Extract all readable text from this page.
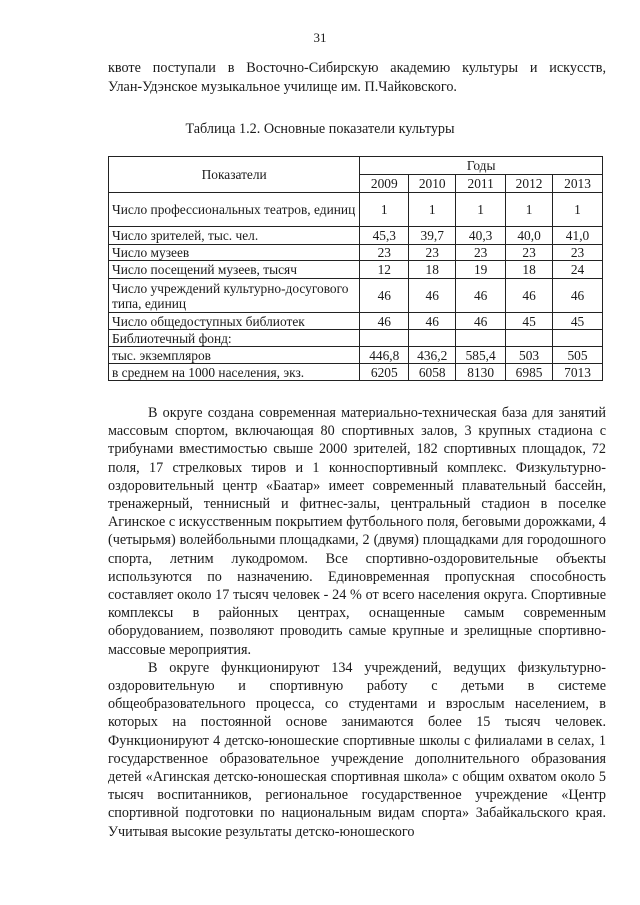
31
квоте поступали в Восточно-Сибирскую академию культуры и искусств,
Улан-Удэнское музыкальное училище им. П.Чайковского.
Таблица 1.2. Основные показатели культуры
Показатели	Годы				
	2009	2010	2011	2012	2013
Число профессиональных театров, единиц	1	1	1	1	1
Число зрителей, тыс. чел.	45,3	39,7	40,3	40,0	41,0
Число музеев	23	23	23	23	23
Число посещений музеев, тысяч	12	18	19	18	24
Число учреждений культурно-досугового типа, единиц	46	46	46	46	46
Число общедоступных библиотек	46	46	46	45	45
Библиотечный фонд:					
тыс. экземпляров	446,8	436,2	585,4	503	505
в среднем на 1000 населения, экз.	6205	6058	8130	6985	7013

В округе создана современная материально-техническая база для занятий массовым спортом, включающая 80 спортивных залов, 3 крупных стадиона с трибунами вместимостью свыше 2000 зрителей, 182 спортивных площадок, 72 поля, 17 стрелковых тиров и 1 конноспортивный комплекс. Физкультурно-оздоровительный центр «Баатар» имеет современный плавательный бассейн, тренажерный, теннисный и фитнес-залы, центральный стадион в поселке Агинское с искусственным покрытием футбольного поля, беговыми дорожками, 4 (четырьмя) волейбольными площадками, 2 (двумя) площадками для городошного спорта, летним лукодромом. Все спортивно-оздоровительные объекты используются по назначению. Единовременная пропускная способность составляет около 17 тысяч человек - 24 % от всего населения округа. Спортивные комплексы в районных центрах, оснащенные самым современным оборудованием, позволяют проводить самые крупные и зрелищные спортивно-массовые мероприятия.

В округе функционируют 134 учреждений, ведущих физкультурно-оздоровительную и спортивную работу с детьми в системе общеобразовательного процесса, со студентами и взрослым населением, в которых на постоянной основе занимаются более 15 тысяч человек. Функционируют 4 детско-юношеские спортивные школы с филиалами в селах, 1 государственное образовательное учреждение дополнительного образования детей «Агинская детско-юношеская спортивная школа» с общим охватом около 5 тысяч воспитанников, региональное государственное учреждение «Центр спортивной подготовки по национальным видам спорта» Забайкальского края. Учитывая высокие результаты детско-юношеского
